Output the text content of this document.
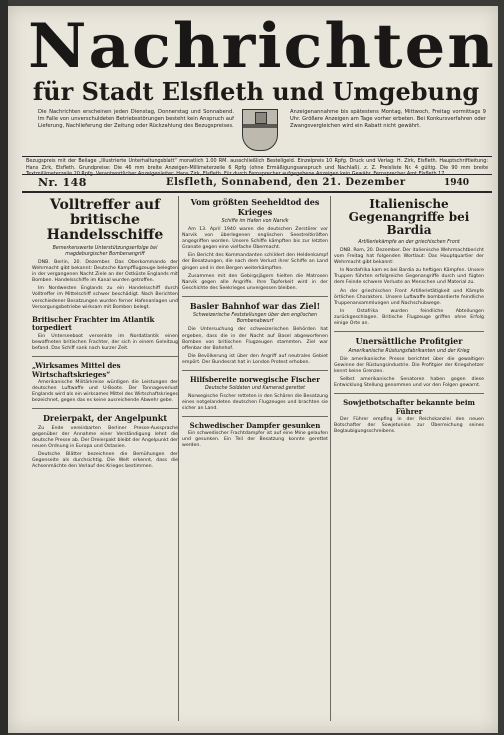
Nachrichten
für Stadt Elsfleth und Umgebung
Die Nachrichten erscheinen jeden Dienstag, Donnerstag und Sonnabend. Im Falle von unverschuldeten Betriebsstörungen besteht kein Anspruch auf Lieferung, Nachlieferung der Zeitung oder Rückzahlung des Bezugspreises.
Anzeigenannahme bis spätestens Montag, Mittwoch, Freitag vormittags 9 Uhr. Größere Anzeigen am Tage vorher erbeten. Bei Konkursverfahren oder Zwangsvergleichen wird ein Rabatt nicht gewährt.
Bezugspreis mit der Beilage „Illustrierte Unterhaltungsblatt“ monatlich 1.00 RM. ausschließlich Bestellgeld. Einzelpreis 10 Rpfg. Druck und Verlag: H. Zirk, Elsfleth. Hauptschriftleitung: Hans Zirk, Elsfleth. Grundpreise: Die 46 mm breite Anzeigen-Millimeterzeile 6 Rpfg (ohne Ermäßigungsanspruch und Nachlaß). z. Z. Preisliste Nr. 4 gültig. Die 90 mm breite Textmillimeterzeile 20 Rpfg. Verantwortlicher Anzeigenleiter: Hans Zirk, Elsfleth. Für durch Fernsprecher aufgegebene Anzeigen kein Gewähr. Fernsprecher Amt Elsfleth 17
Nr. 148	Elsfleth, Sonnabend, den 21. Dezember	1940
Volltreffer auf britische Handelsschiffe
Bemerkenswerte Unterstützungserfolge bei magdeburgischer Bombenangriff

DNB. Berlin, 20. Dezember. Das Oberkommando der Wehrmacht gibt bekannt: Deutsche Kampfflugzeuge belegten in der vergangenen Nacht Ziele an der Ostküste Englands mit Bomben. Handelsschiffe im Kanal wurden getroffen.

Im Nordwesten Englands zu ein Handelsschiff durch Volltreffer im Mittelschiff schwer beschädigt. Nach Berichten verschiedener Besatzungen wurden ferner Hafenanlagen und Versorgungsbetriebe wirksam mit Bomben belegt.

Britischer Frachter im Atlantik torpediert

Ein Unterseeboot versenkte im Nordatlantik einen bewaffneten britischen Frachter, der sich in einem Geleitzug befand. Das Schiff sank nach kurzer Zeit.

„Wirksames Mittel des Wirtschaftskrieges“

Amerikanische Militärkreise würdigen die Leistungen der deutschen Luftwaffe und U-Boote. Der Tonnageverlust Englands wird als ein wirksames Mittel des Wirtschaftskrieges bezeichnet, gegen das es keine ausreichende Abwehr gebe.

Dreierpakt, der Angelpunkt

Zu Ende vereinbarten Berliner Presse-Aussprache gegenüber der Annahme einer Verständigung lehnt die deutsche Presse ab. Der Dreierpakt bleibt der Angelpunkt der neuen Ordnung in Europa und Ostasien.

Deutsche Blätter bezeichnen die Bemühungen der Gegenseite als durchsichtig. Die Welt erkennt, dass die Achsenmächte den Verlauf des Krieges bestimmen.

Vom größten Seeheldtod des Krieges
Schiffe im Hafen von Narvik

Am 13. April 1940 waren die deutschen Zerstörer vor Narvik von überlegenen englischen Seestreitkräften angegriffen worden. Unsere Schiffe kämpften bis zur letzten Granate gegen eine vielfache Übermacht.

Ein Bericht des Kommandanten schildert den Heldenkampf der Besatzungen, die nach dem Verlust ihrer Schiffe an Land gingen und in den Bergen weiterkämpften.

Zusammen mit den Gebirgsjägern hielten die Matrosen Narvik gegen alle Angriffe. Ihre Tapferkeit wird in der Geschichte des Seekrieges unvergessen bleiben.

Basler Bahnhof war das Ziel!
Schweizerische Feststellungen über den englischen Bombenabwurf

Die Untersuchung der schweizerischen Behörden hat ergeben, dass die in der Nacht auf Basel abgeworfenen Bomben von britischen Flugzeugen stammten. Ziel war offenbar der Bahnhof.

Die Bevölkerung ist über den Angriff auf neutrales Gebiet empört. Der Bundesrat hat in London Protest erhoben.

Hilfsbereite norwegische Fischer
Deutsche Soldaten und Kamerad gerettet

Norwegische Fischer retteten in den Schären die Besatzung eines notgelandeten deutschen Flugzeuges und brachten sie sicher an Land.

Schwedischer Dampfer gesunken

Ein schwedischer Frachtdampfer ist auf eine Mine gelaufen und gesunken. Ein Teil der Besatzung konnte gerettet werden.

Italienische Gegenangriffe bei Bardia
Artilleriekämpfe an der griechischen Front

DNB. Rom, 20. Dezember. Der italienische Wehrmachtbericht vom Freitag hat folgenden Wortlaut: Das Hauptquartier der Wehrmacht gibt bekannt:

In Nordafrika kam es bei Bardia zu heftigen Kämpfen. Unsere Truppen führten erfolgreiche Gegenangriffe durch und fügten dem Feinde schwere Verluste an Menschen und Material zu.

An der griechischen Front Artillerietätigkeit und Kämpfe örtlichen Charakters. Unsere Luftwaffe bombardierte feindliche Truppenansammlungen und Nachschubwege.

In Ostafrika wurden feindliche Abteilungen zurückgeschlagen. Britische Flugzeuge griffen ohne Erfolg einige Orte an.

Unersättliche Profitgier
Amerikanische Rüstungsfabrikanten und der Krieg

Die amerikanische Presse berichtet über die gewaltigen Gewinne der Rüstungsindustrie. Die Profitgier der Kriegshetzer kennt keine Grenzen.

Selbst amerikanische Senatoren haben gegen diese Entwicklung Stellung genommen und vor den Folgen gewarnt.

Sowjetbotschafter bekannte beim Führer

Der Führer empfing in der Reichskanzlei den neuen Botschafter der Sowjetunion zur Überreichung seines Beglaubigungsschreibens.
